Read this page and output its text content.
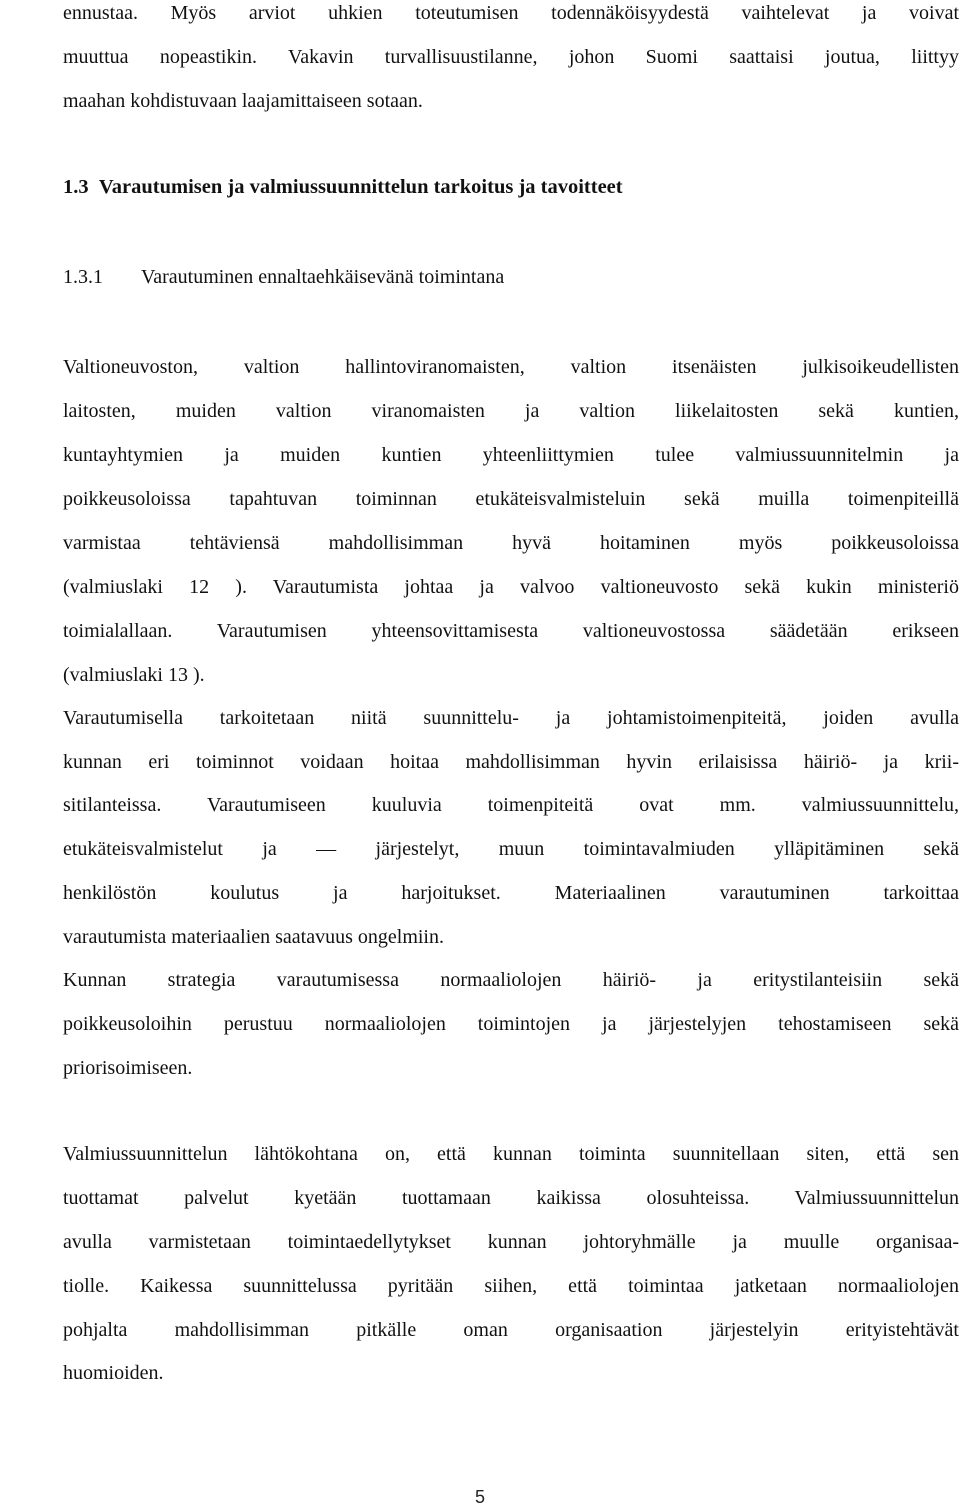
ennustaa. Myös arviot uhkien toteutumisen todennäköisyydestä vaihtelevat ja voivat
muuttua nopeastikin. Vakavin turvallisuustilanne, johon Suomi saattaisi joutua, liittyy
maahan kohdistuvaan laajamittaiseen sotaan.
1.3 Varautumisen ja valmiussuunnittelun tarkoitus ja tavoitteet
1.3.1 Varautuminen ennaltaehkäisevänä toimintana
Valtioneuvoston, valtion hallintoviranomaisten, valtion itsenäisten julkisoikeudellisten
laitosten, muiden valtion viranomaisten ja valtion liikelaitosten sekä kuntien,
kuntayhtymien ja muiden kuntien yhteenliittymien tulee valmiussuunnitelmin ja
poikkeusoloissa tapahtuvan toiminnan etukäteisvalmisteluin sekä muilla toimenpiteillä
varmistaa tehtäviensä mahdollisimman hyvä hoitaminen myös poikkeusoloissa
(valmiuslaki 12 ). Varautumista johtaa ja valvoo valtioneuvosto sekä kukin ministeriö
toimialallaan. Varautumisen yhteensovittamisesta valtioneuvostossa säädetään erikseen
(valmiuslaki 13 ).
Varautumisella tarkoitetaan niitä suunnittelu- ja johtamistoimenpiteitä, joiden avulla
kunnan eri toiminnot voidaan hoitaa mahdollisimman hyvin erilaisissa häiriö- ja krii-
sitilanteissa. Varautumiseen kuuluvia toimenpiteitä ovat mm. valmiussuunnittelu,
etukäteisvalmistelut ja — järjestelyt, muun toimintavalmiuden ylläpitäminen sekä
henkilöstön koulutus ja harjoitukset. Materiaalinen varautuminen tarkoittaa
varautumista materiaalien saatavuus ongelmiin.
Kunnan strategia varautumisessa normaaliolojen häiriö- ja eritystilanteisiin sekä
poikkeusoloihin perustuu normaaliolojen toimintojen ja järjestelyjen tehostamiseen sekä
priorisoimiseen.
Valmiussuunnittelun lähtökohtana on, että kunnan toiminta suunnitellaan siten, että sen
tuottamat palvelut kyetään tuottamaan kaikissa olosuhteissa. Valmiussuunnittelun
avulla varmistetaan toimintaedellytykset kunnan johtoryhmälle ja muulle organisaa-
tiolle. Kaikessa suunnittelussa pyritään siihen, että toimintaa jatketaan normaaliolojen
pohjalta mahdollisimman pitkälle oman organisaation järjestelyin erityistehtävät
huomioiden.
5
